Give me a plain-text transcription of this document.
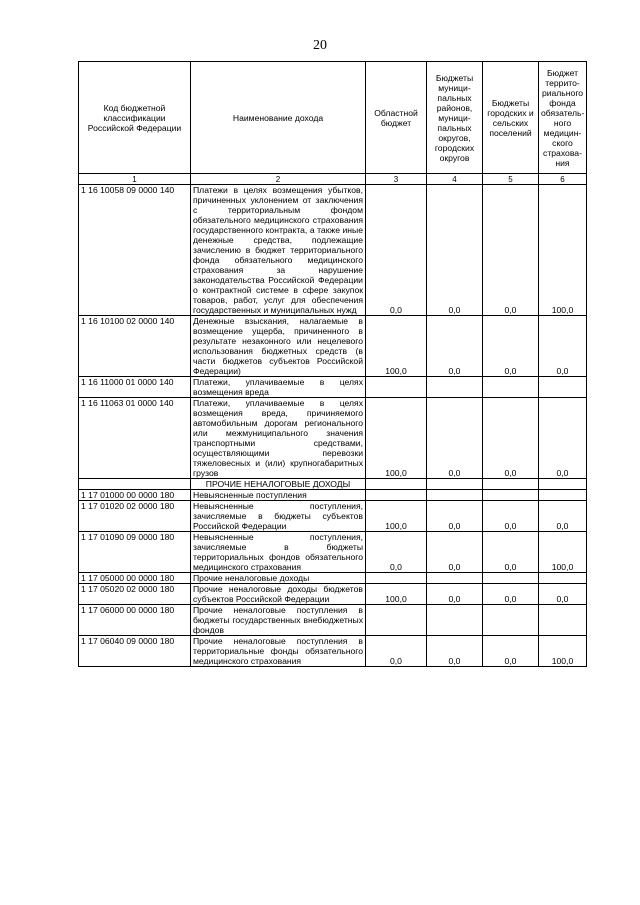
20
Код бюджетной классификации Российской Федерации	Наименование дохода	Областной бюджет	Бюджеты муници-пальных районов, муници-пальных округов, городских округов	Бюджеты городских и сельских поселений	Бюджет террито-риального фонда обязатель-ного медицин-ского страхова-ния
1	2	3	4	5	6
1 16 10058 09 0000 140	Платежи в целях возмещения убытков, причиненных уклонением от заключения с территориальным фондом обязательного медицинского страхования государственного контракта, а также иные денежные средства, подлежащие зачислению в бюджет территориального фонда обязательного медицинского страхования за нарушение законодательства Российской Федерации о контрактной системе в сфере закупок товаров, работ, услуг для обеспечения государственных и муниципальных нужд	0,0	0,0	0,0	100,0
1 16 10100 02 0000 140	Денежные взыскания, налагаемые в возмещение ущерба, причиненного в результате незаконного или нецелевого использования бюджетных средств (в части бюджетов субъектов Российской Федерации)	100,0	0,0	0,0	0,0
1 16 11000 01 0000 140	Платежи, уплачиваемые в целях возмещения вреда				
1 16 11063 01 0000 140	Платежи, уплачиваемые в целях возмещения вреда, причиняемого автомобильным дорогам регионального или межмуниципального значения транспортными средствами, осуществляющими перевозки тяжеловесных и (или) крупногабаритных грузов	100,0	0,0	0,0	0,0
	ПРОЧИЕ НЕНАЛОГОВЫЕ ДОХОДЫ				
1 17 01000 00 0000 180	Невыясненные поступления				
1 17 01020 02 0000 180	Невыясненные поступления, зачисляемые в бюджеты субъектов Российской Федерации	100,0	0,0	0,0	0,0
1 17 01090 09 0000 180	Невыясненные поступления, зачисляемые в бюджеты территориальных фондов обязательного медицинского страхования	0,0	0,0	0,0	100,0
1 17 05000 00 0000 180	Прочие неналоговые доходы				
1 17 05020 02 0000 180	Прочие неналоговые доходы бюджетов субъектов Российской Федерации	100,0	0,0	0,0	0,0
1 17 06000 00 0000 180	Прочие неналоговые поступления в бюджеты государственных внебюджетных фондов				
1 17 06040 09 0000 180	Прочие неналоговые поступления в территориальные фонды обязательного медицинского страхования	0,0	0,0	0,0	100,0
